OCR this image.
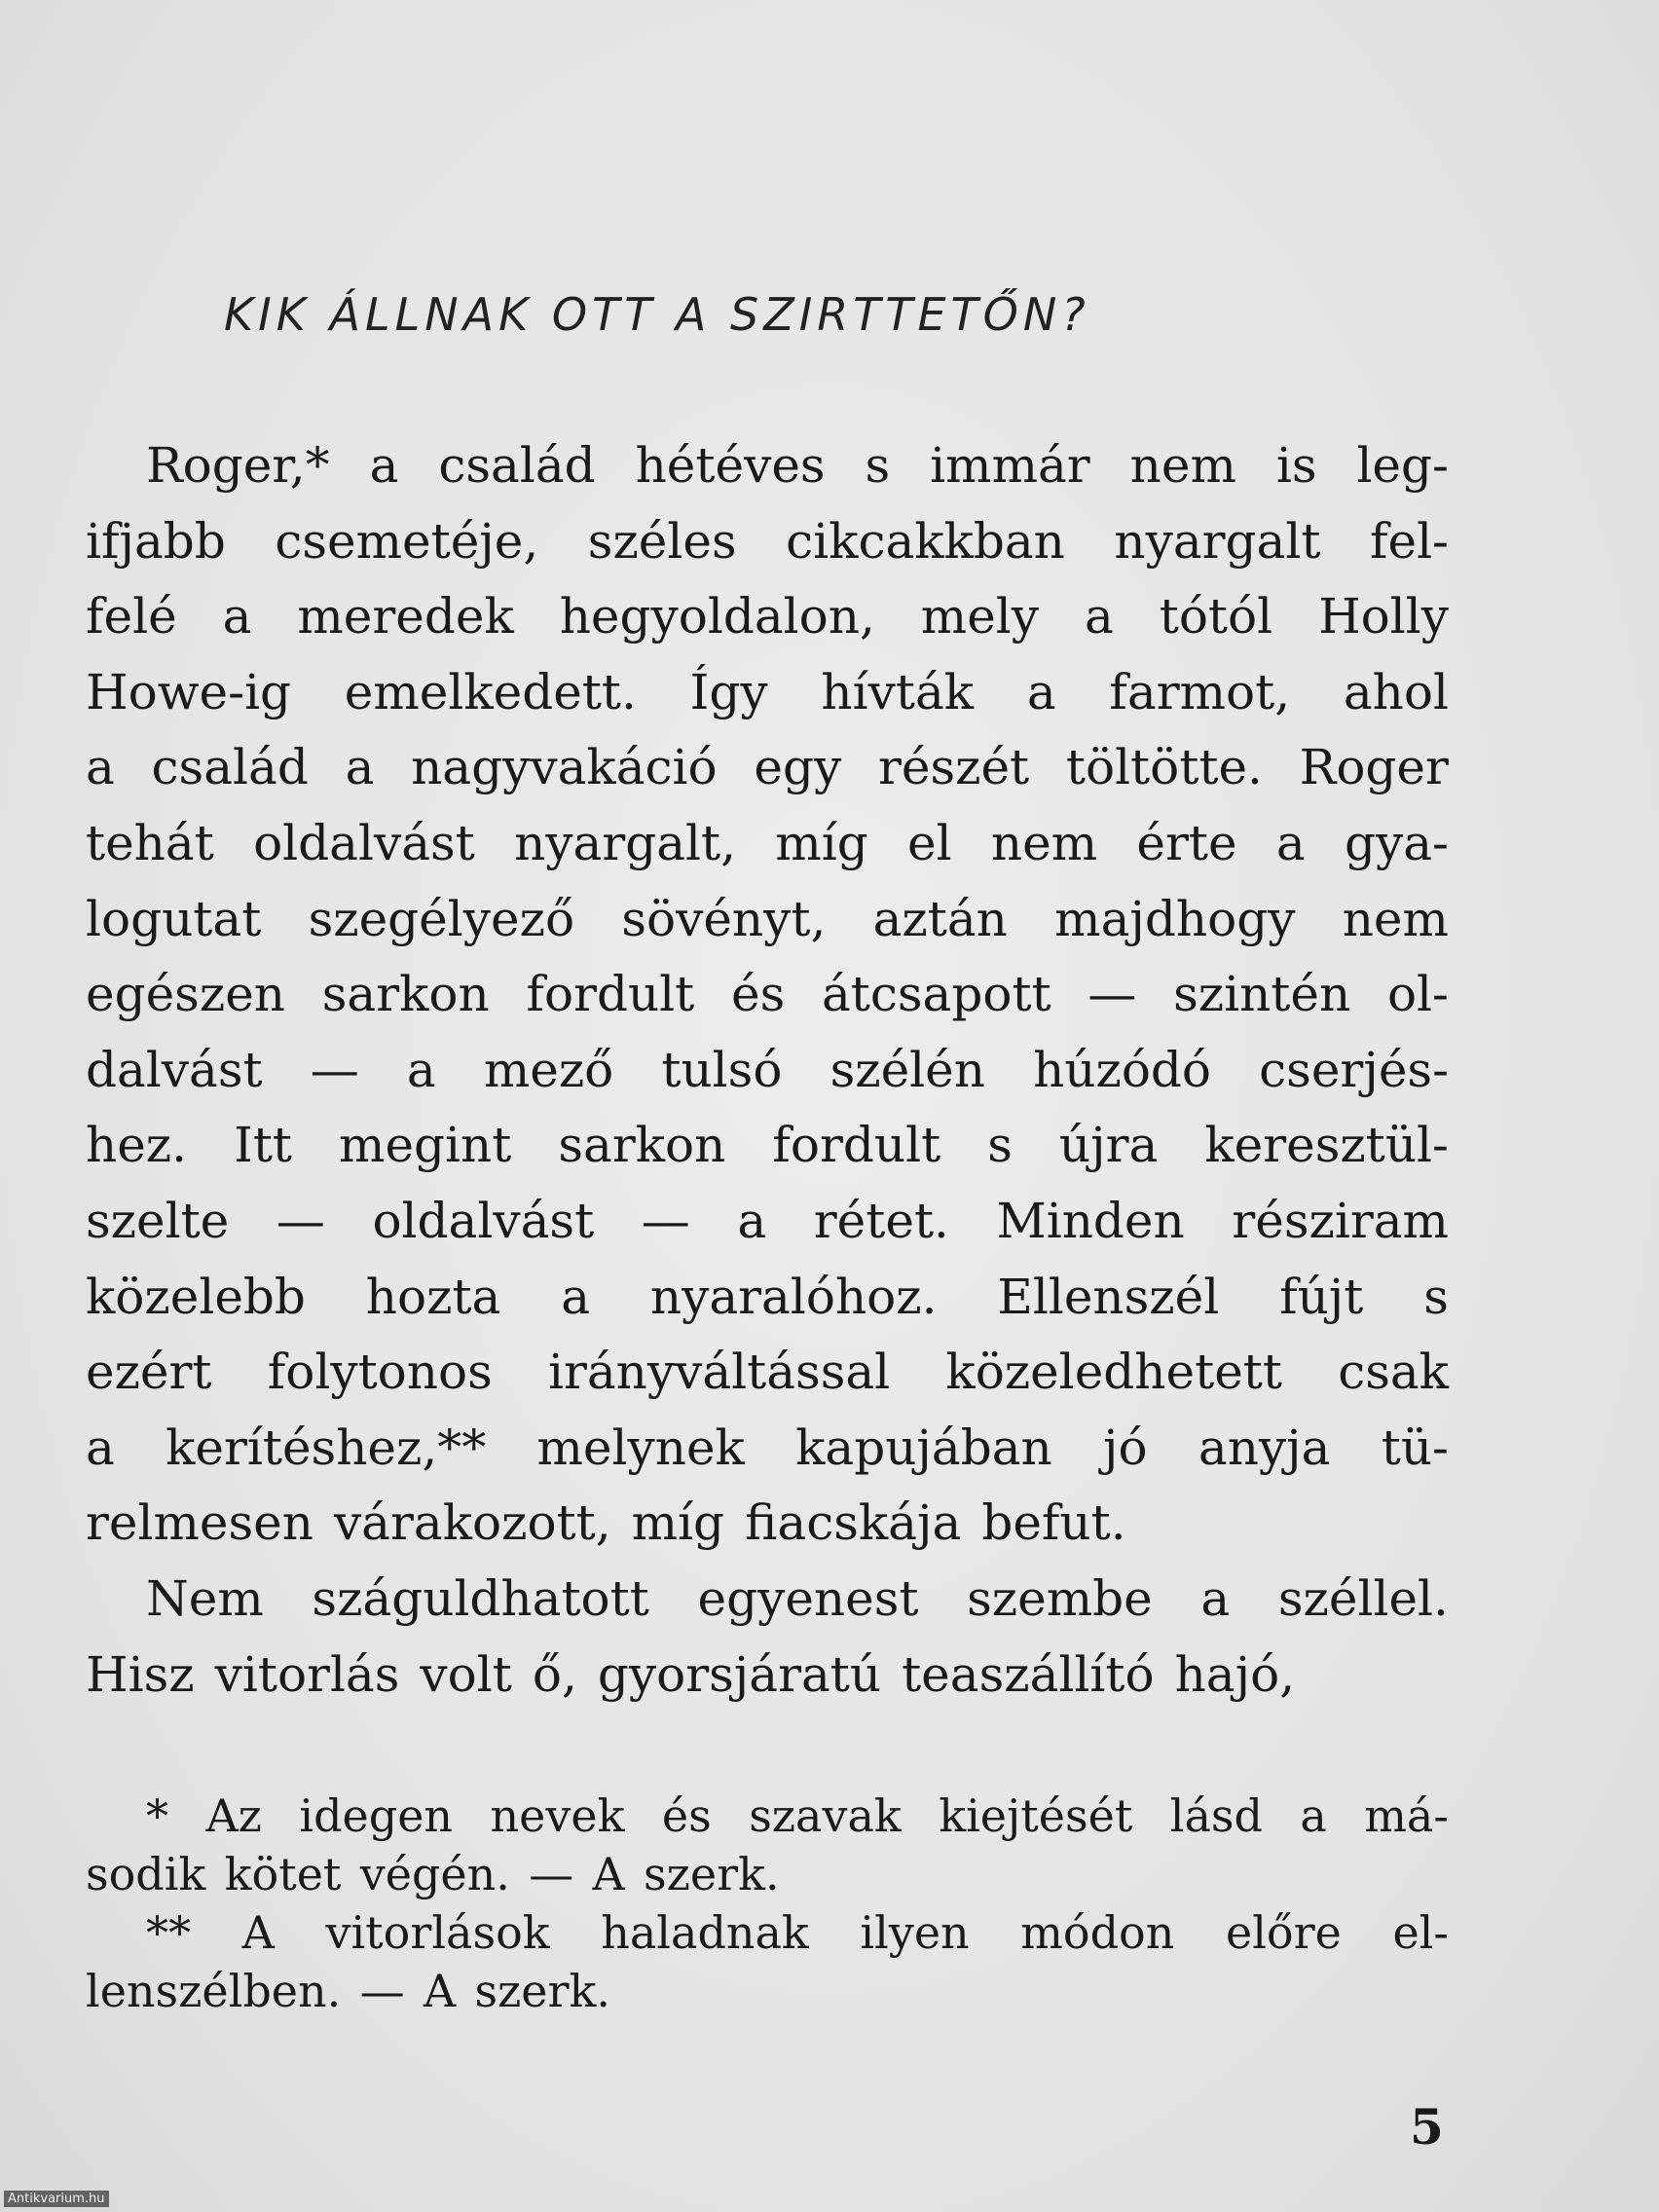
KIK ÁLLNAK OTT A SZIRTTETŐN?
Roger,* a család hétéves s immár nem is leg-
ifjabb csemetéje, széles cikcakkban nyargalt fel-
felé a meredek hegyoldalon, mely a tótól Holly
Howe-ig emelkedett. Így hívták a farmot, ahol
a család a nagyvakáció egy részét töltötte. Roger
tehát oldalvást nyargalt, míg el nem érte a gya-
logutat szegélyező sövényt, aztán majdhogy nem
egészen sarkon fordult és átcsapott — szintén ol-
dalvást — a mező tulsó szélén húzódó cserjés-
hez. Itt megint sarkon fordult s újra keresztül-
szelte — oldalvást — a rétet. Minden résziram
közelebb hozta a nyaralóhoz. Ellenszél fújt s
ezért folytonos irányváltással közeledhetett csak
a kerítéshez,** melynek kapujában jó anyja tü-
relmesen várakozott, míg fiacskája befut.
Nem száguldhatott egyenest szembe a széllel.
Hisz vitorlás volt ő, gyorsjáratú teaszállító hajó,
* Az idegen nevek és szavak kiejtését lásd a má-
sodik kötet végén. — A szerk.
** A vitorlások haladnak ilyen módon előre el-
lenszélben. — A szerk.
5
Antikvarium.hu
